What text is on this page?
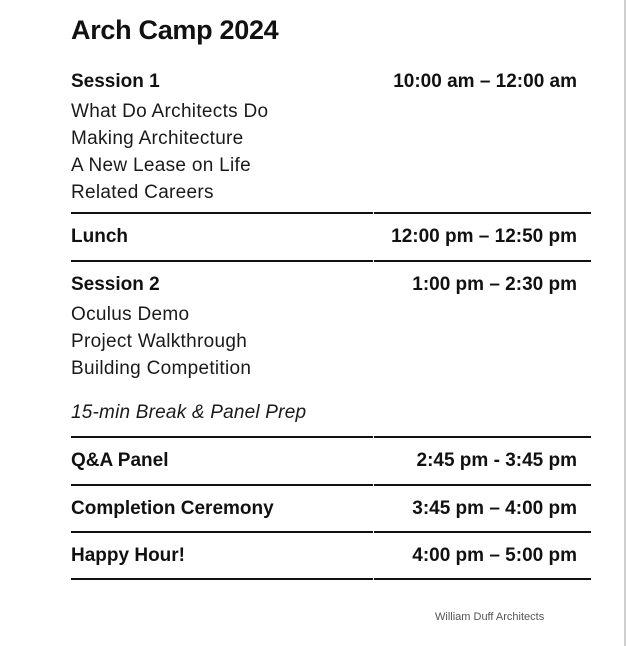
Arch Camp 2024
Session 1	10:00 am – 12:00 am
What Do Architects Do
Making Architecture
A New Lease on Life
Related Careers
Lunch	12:00 pm – 12:50 pm
Session 2	1:00 pm – 2:30 pm
Oculus Demo
Project Walkthrough
Building Competition
15-min Break & Panel Prep
Q&A Panel	2:45 pm - 3:45 pm
Completion Ceremony	3:45 pm – 4:00 pm
Happy Hour!	4:00 pm – 5:00 pm
William Duff Architects
